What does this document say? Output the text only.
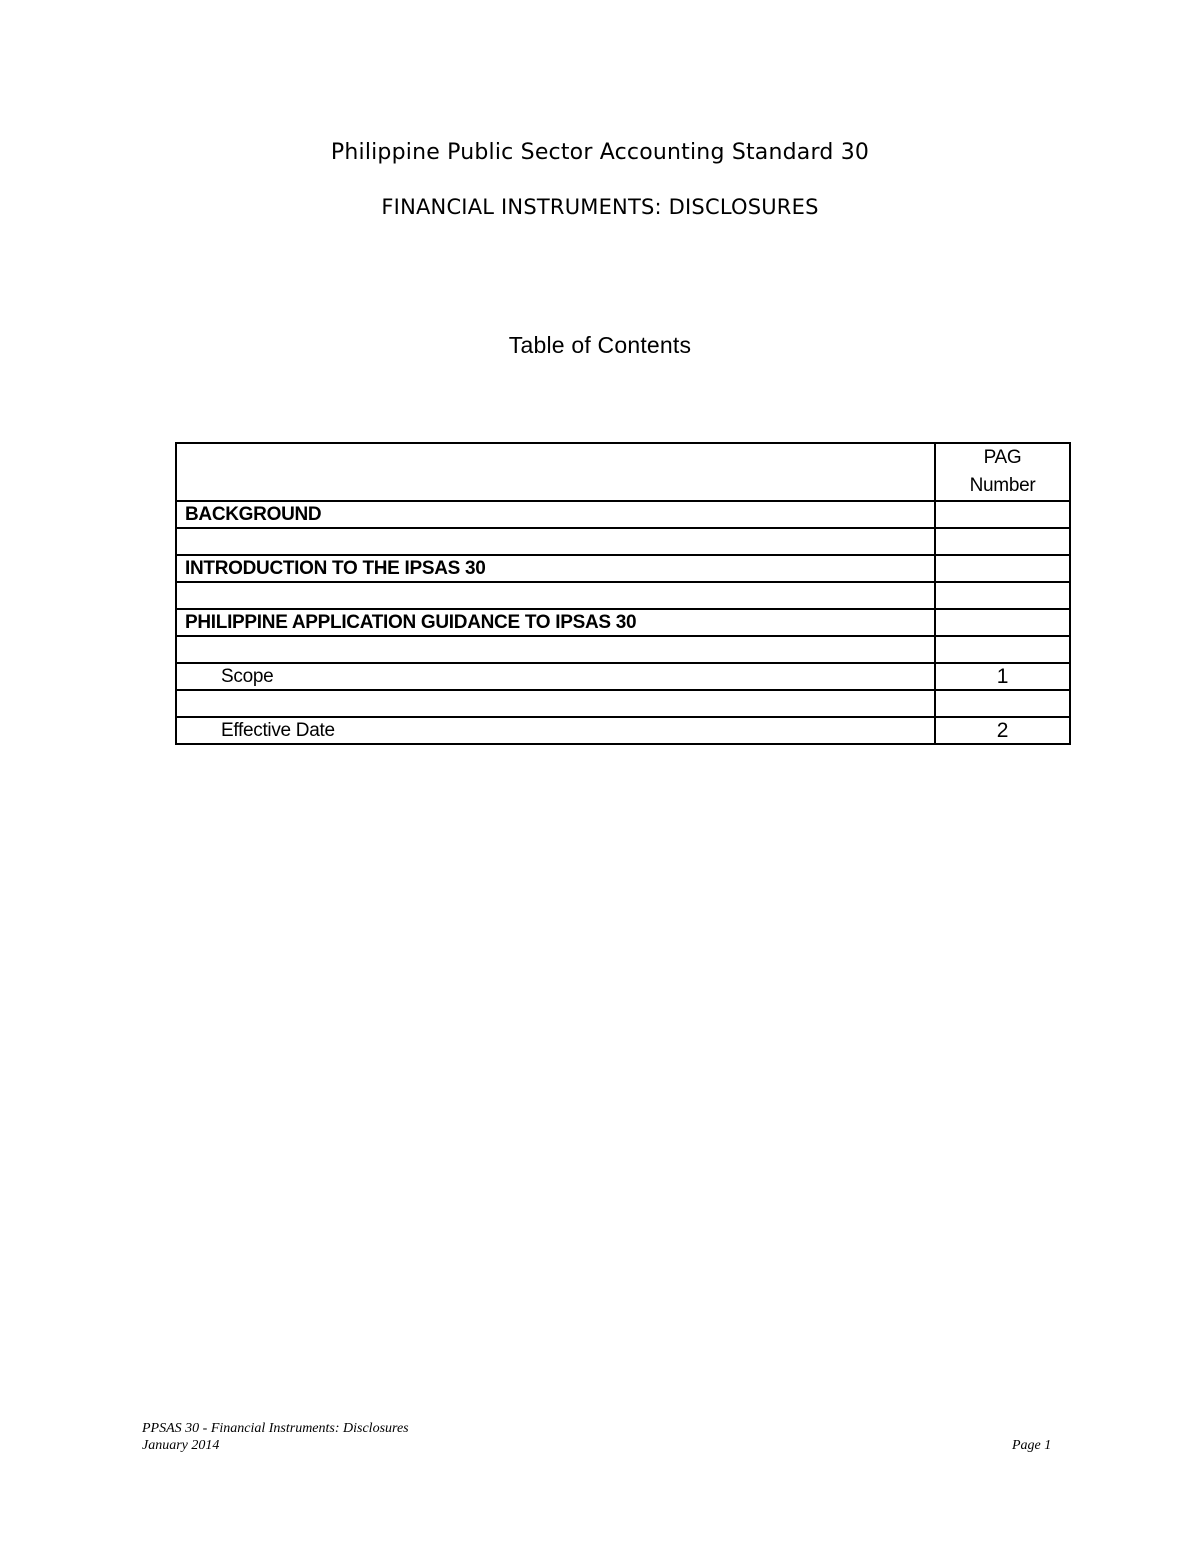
Philippine Public Sector Accounting Standard 30
FINANCIAL INSTRUMENTS: DISCLOSURES
Table of Contents

	PAG
Number

BACKGROUND	

INTRODUCTION TO THE IPSAS 30	

PHILIPPINE APPLICATION GUIDANCE TO IPSAS 30	

Scope	1

Effective Date	2
PPSAS 30 - Financial Instruments: Disclosures
January 2014	Page 1
